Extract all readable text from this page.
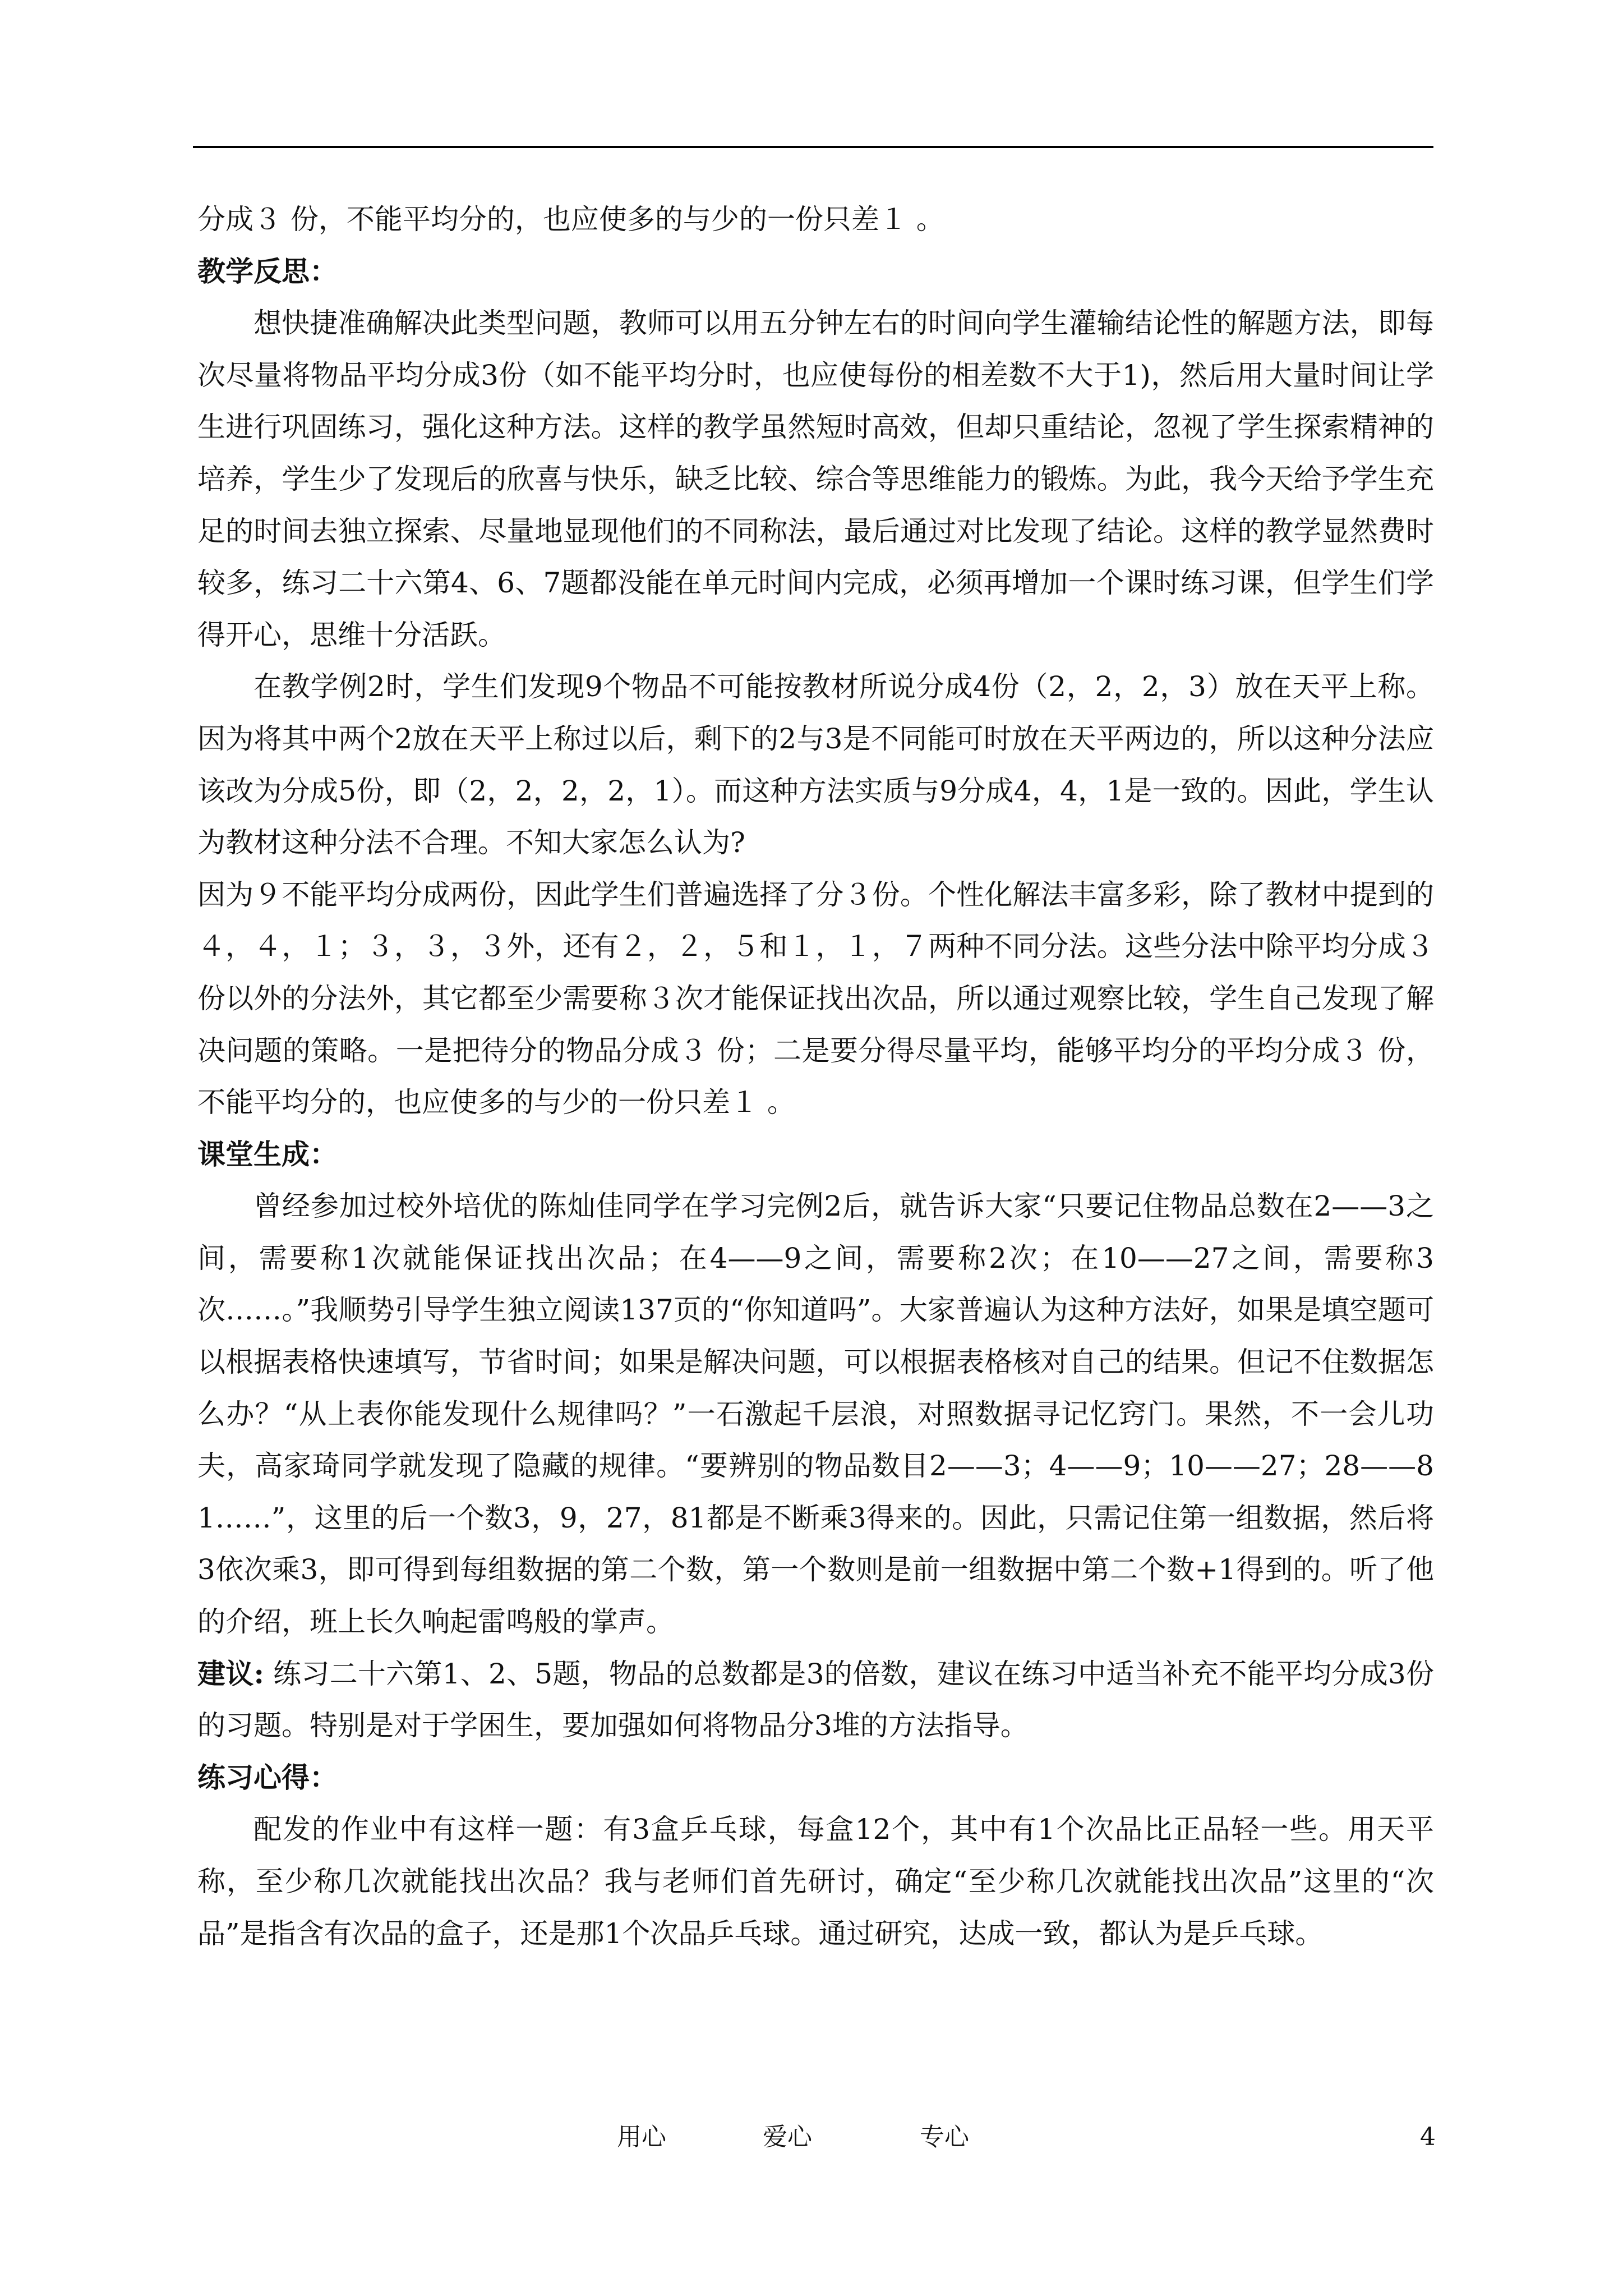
分成３ 份，不能平均分的，也应使多的与少的一份只差１ 。

教学反思：

想快捷准确解决此类型问题，教师可以用五分钟左右的时间向学生灌输结论性的解题方法，即每次尽量将物品平均分成3份（如不能平均分时，也应使每份的相差数不大于1)，然后用大量时间让学生进行巩固练习，强化这种方法。这样的教学虽然短时高效，但却只重结论，忽视了学生探索精神的培养，学生少了发现后的欣喜与快乐，缺乏比较、综合等思维能力的锻炼。为此，我今天给予学生充足的时间去独立探索、尽量地显现他们的不同称法，最后通过对比发现了结论。这样的教学显然费时较多，练习二十六第4、6、7题都没能在单元时间内完成，必须再增加一个课时练习课，但学生们学得开心，思维十分活跃。

在教学例2时，学生们发现9个物品不可能按教材所说分成4份（2，2，2，3）放在天平上称。因为将其中两个2放在天平上称过以后，剩下的2与3是不同能可时放在天平两边的，所以这种分法应该改为分成5份，即（2，2，2，2，1）。而这种方法实质与9分成4，4，1是一致的。因此，学生认为教材这种分法不合理。不知大家怎么认为?

因为９不能平均分成两份，因此学生们普遍选择了分３份。个性化解法丰富多彩，除了教材中提到的４，４，１；３，３，３外，还有２，２，５和１，１，７两种不同分法。这些分法中除平均分成３份以外的分法外，其它都至少需要称３次才能保证找出次品，所以通过观察比较，学生自己发现了解决问题的策略。一是把待分的物品分成３ 份；二是要分得尽量平均，能够平均分的平均分成３ 份，不能平均分的，也应使多的与少的一份只差１ 。

课堂生成：

曾经参加过校外培优的陈灿佳同学在学习完例2后，就告诉大家“只要记住物品总数在2——3之间，需要称1次就能保证找出次品；在4——9之间，需要称2次；在10——27之间，需要称3次……。”我顺势引导学生独立阅读137页的“你知道吗”。大家普遍认为这种方法好，如果是填空题可以根据表格快速填写，节省时间；如果是解决问题，可以根据表格核对自己的结果。但记不住数据怎么办？“从上表你能发现什么规律吗？”一石激起千层浪，对照数据寻记忆窍门。果然，不一会儿功夫，高家琦同学就发现了隐藏的规律。“要辨别的物品数目2——3；4——9；10——27；28——81……”，这里的后一个数3，9，27，81都是不断乘3得来的。因此，只需记住第一组数据，然后将3依次乘3，即可得到每组数据的第二个数，第一个数则是前一组数据中第二个数+1得到的。听了他的介绍，班上长久响起雷鸣般的掌声。

建议: 练习二十六第1、2、5题，物品的总数都是3的倍数，建议在练习中适当补充不能平均分成3份的习题。特别是对于学困生，要加强如何将物品分3堆的方法指导。

练习心得：

配发的作业中有这样一题：有3盒乒乓球，每盒12个，其中有1个次品比正品轻一些。用天平称，至少称几次就能找出次品？我与老师们首先研讨，确定“至少称几次就能找出次品”这里的“次品”是指含有次品的盒子，还是那1个次品乒乓球。通过研究，达成一致，都认为是乒乓球。

用心	爱心	专心	4
